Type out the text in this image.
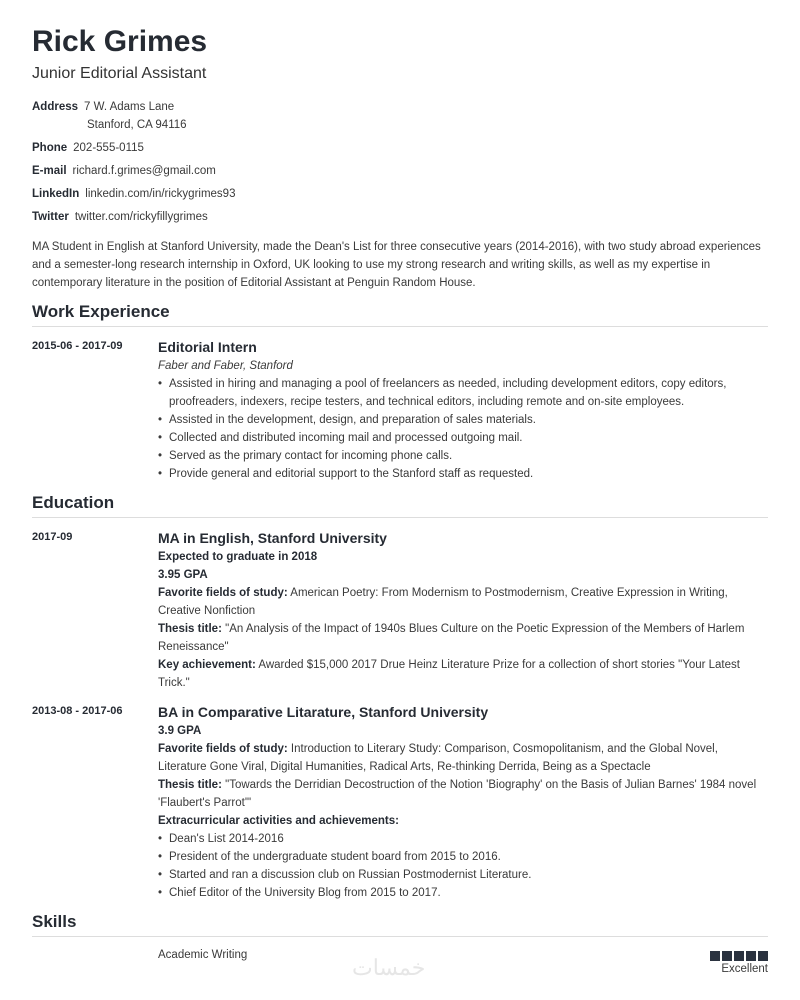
Rick Grimes
Junior Editorial Assistant
Address 7 W. Adams Lane
Stanford, CA 94116
Phone 202-555-0115
E-mail richard.f.grimes@gmail.com
LinkedIn linkedin.com/in/rickygrimes93
Twitter twitter.com/rickyfillygrimes

MA Student in English at Stanford University, made the Dean's List for three consecutive years (2014-2016), with two study abroad experiences and a semester-long research internship in Oxford, UK looking to use my strong research and writing skills, as well as my expertise in contemporary literature in the position of Editorial Assistant at Penguin Random House.

Work Experience
2015-06 - 2017-09	Editorial Intern
Faber and Faber, Stanford
• Assisted in hiring and managing a pool of freelancers as needed, including development editors, copy editors, proofreaders, indexers, recipe testers, and technical editors, including remote and on-site employees.
• Assisted in the development, design, and preparation of sales materials.
• Collected and distributed incoming mail and processed outgoing mail.
• Served as the primary contact for incoming phone calls.
• Provide general and editorial support to the Stanford staff as requested.
Education
2017-09	MA in English, Stanford University
Expected to graduate in 2018
3.95 GPA
Favorite fields of study: American Poetry: From Modernism to Postmodernism, Creative Expression in Writing, Creative Nonfiction
Thesis title: "An Analysis of the Impact of 1940s Blues Culture on the Poetic Expression of the Members of Harlem Reneissance"
Key achievement: Awarded $15,000 2017 Drue Heinz Literature Prize for a collection of short stories "Your Latest Trick."
2013-08 - 2017-06	BA in Comparative Litarature, Stanford University
3.9 GPA
Favorite fields of study: Introduction to Literary Study: Comparison, Cosmopolitanism, and the Global Novel, Literature Gone Viral, Digital Humanities, Radical Arts, Re-thinking Derrida, Being as a Spectacle
Thesis title: "Towards the Derridian Decostruction of the Notion 'Biography' on the Basis of Julian Barnes' 1984 novel 'Flaubert's Parrot'"
Extracurricular activities and achievements:
• Dean's List 2014-2016
• President of the undergraduate student board from 2015 to 2016.
• Started and ran a discussion club on Russian Postmodernist Literature.
• Chief Editor of the University Blog from 2015 to 2017.
Skills
Academic Writing
Excellent
خمسات
